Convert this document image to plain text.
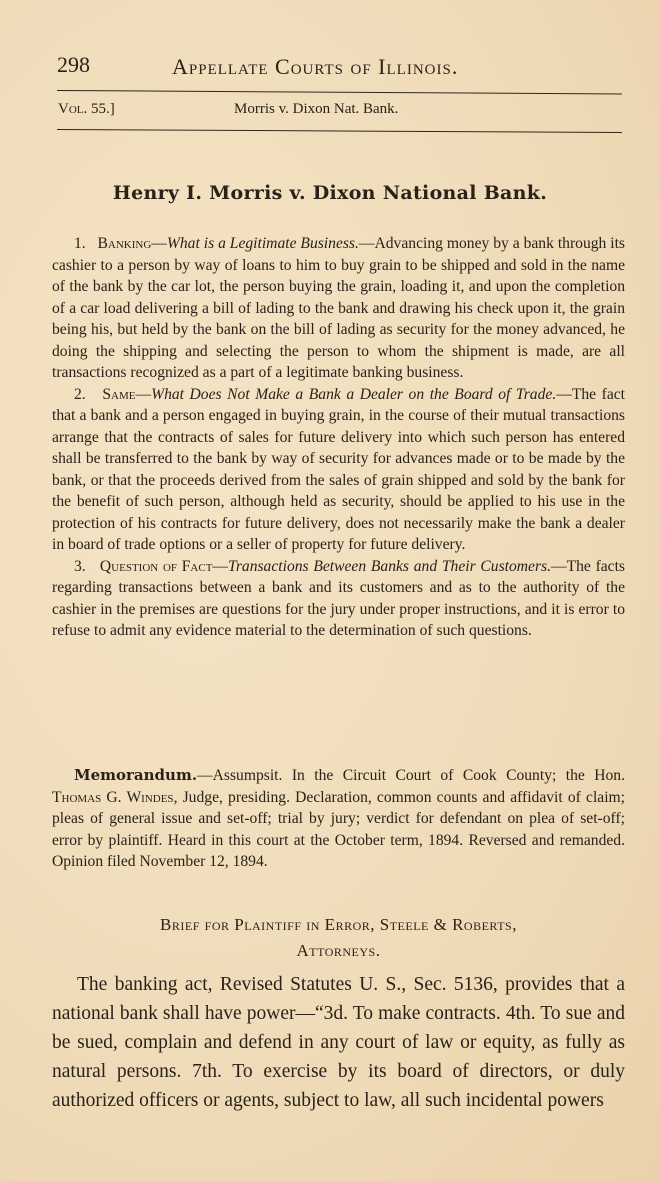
298	Appellate Courts of Illinois.
Vol. 55.]	Morris v. Dixon Nat. Bank.
Henry I. Morris v. Dixon National Bank.

1. Banking—What is a Legitimate Business.—Advancing money by a bank through its cashier to a person by way of loans to him to buy grain to be shipped and sold in the name of the bank by the car lot, the person buying the grain, loading it, and upon the completion of a car load delivering a bill of lading to the bank and drawing his check upon it, the grain being his, but held by the bank on the bill of lading as security for the money advanced, he doing the shipping and selecting the person to whom the shipment is made, are all transactions recognized as a part of a legitimate banking business.

2. Same—What Does Not Make a Bank a Dealer on the Board of Trade.—The fact that a bank and a person engaged in buying grain, in the course of their mutual transactions arrange that the contracts of sales for future delivery into which such person has entered shall be transferred to the bank by way of security for advances made or to be made by the bank, or that the proceeds derived from the sales of grain shipped and sold by the bank for the benefit of such person, although held as security, should be applied to his use in the protection of his contracts for future delivery, does not necessarily make the bank a dealer in board of trade options or a seller of property for future delivery.

3. Question of Fact—Transactions Between Banks and Their Customers.—The facts regarding transactions between a bank and its customers and as to the authority of the cashier in the premises are questions for the jury under proper instructions, and it is error to refuse to admit any evidence material to the determination of such questions.

Memorandum.—Assumpsit. In the Circuit Court of Cook County; the Hon. Thomas G. Windes, Judge, presiding. Declaration, common counts and affidavit of claim; pleas of general issue and set-off; trial by jury; verdict for defendant on plea of set-off; error by plaintiff. Heard in this court at the October term, 1894. Reversed and remanded. Opinion filed November 12, 1894.

Brief for Plaintiff in Error, Steele & Roberts,
Attorneys.

The banking act, Revised Statutes U. S., Sec. 5136, provides that a national bank shall have power—“3d. To make contracts. 4th. To sue and be sued, complain and defend in any court of law or equity, as fully as natural persons. 7th. To exercise by its board of directors, or duly authorized officers or agents, subject to law, all such incidental powers
